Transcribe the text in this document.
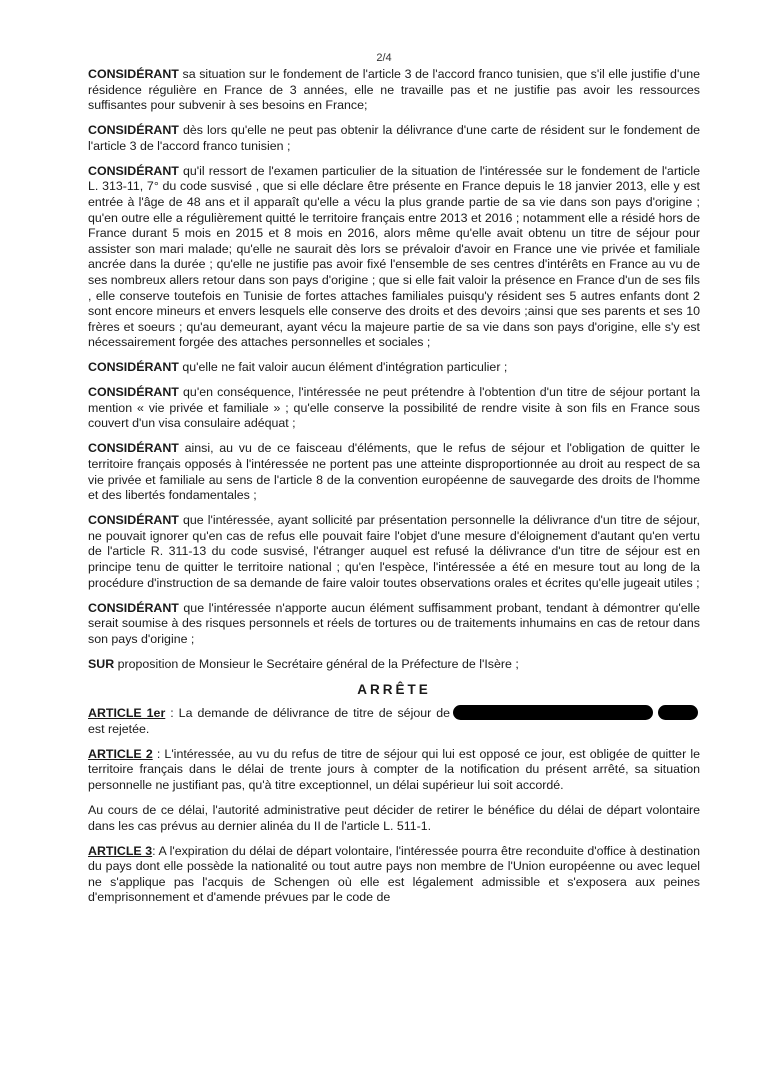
2/4

CONSIDÉRANT sa situation sur le fondement de l'article 3 de l'accord franco tunisien, que s'il elle justifie d'une résidence régulière en France de 3 années, elle ne travaille pas et ne justifie pas avoir les ressources suffisantes pour subvenir à ses besoins en France;

CONSIDÉRANT dès lors qu'elle ne peut pas obtenir la délivrance d'une carte de résident sur le fondement de l'article 3 de l'accord franco tunisien ;

CONSIDÉRANT qu'il ressort de l'examen particulier de la situation de l'intéressée sur le fondement de l'article L. 313-11, 7° du code susvisé , que si elle déclare être présente en France depuis le 18 janvier 2013, elle y est entrée à l'âge de 48 ans et il apparaît qu'elle a vécu la plus grande partie de sa vie dans son pays d'origine ; qu'en outre elle a régulièrement quitté le territoire français entre 2013 et 2016 ; notamment elle a résidé hors de France durant 5 mois en 2015 et 8 mois en 2016, alors même qu'elle avait obtenu un titre de séjour pour assister son mari malade; qu'elle ne saurait dès lors se prévaloir d'avoir en France une vie privée et familiale ancrée dans la durée ; qu'elle ne justifie pas avoir fixé l'ensemble de ses centres d'intérêts en France au vu de ses nombreux allers retour dans son pays d'origine ; que si elle fait valoir la présence en France d'un de ses fils , elle conserve toutefois en Tunisie de fortes attaches familiales puisqu'y résident ses 5 autres enfants dont 2 sont encore mineurs et envers lesquels elle conserve des droits et des devoirs ;ainsi que ses parents et ses 10 frères et soeurs ; qu'au demeurant, ayant vécu la majeure partie de sa vie dans son pays d'origine, elle s'y est nécessairement forgée des attaches personnelles et sociales ;

CONSIDÉRANT qu'elle ne fait valoir aucun élément d'intégration particulier ;

CONSIDÉRANT qu'en conséquence, l'intéressée ne peut prétendre à l'obtention d'un titre de séjour portant la mention « vie privée et familiale » ; qu'elle conserve la possibilité de rendre visite à son fils en France sous couvert d'un visa consulaire adéquat ;

CONSIDÉRANT ainsi, au vu de ce faisceau d'éléments, que le refus de séjour et l'obligation de quitter le territoire français opposés à l'intéressée ne portent pas une atteinte disproportionnée au droit au respect de sa vie privée et familiale au sens de l'article 8 de la convention européenne de sauvegarde des droits de l'homme et des libertés fondamentales ;

CONSIDÉRANT que l'intéressée, ayant sollicité par présentation personnelle la délivrance d'un titre de séjour, ne pouvait ignorer qu'en cas de refus elle pouvait faire l'objet d'une mesure d'éloignement d'autant qu'en vertu de l'article R. 311-13 du code susvisé, l'étranger auquel est refusé la délivrance d'un titre de séjour est en principe tenu de quitter le territoire national ; qu'en l'espèce, l'intéressée a été en mesure tout au long de la procédure d'instruction de sa demande de faire valoir toutes observations orales et écrites qu'elle jugeait utiles ;

CONSIDÉRANT que l'intéressée n'apporte aucun élément suffisamment probant, tendant à démontrer qu'elle serait soumise à des risques personnels et réels de tortures ou de traitements inhumains en cas de retour dans son pays d'origine ;

SUR proposition de Monsieur le Secrétaire général de la Préfecture de l'Isère ;

ARRÊTE

ARTICLE 1er : La demande de délivrance de titre de séjour de  est rejetée.

ARTICLE 2 : L'intéressée, au vu du refus de titre de séjour qui lui est opposé ce jour, est obligée de quitter le territoire français dans le délai de trente jours à compter de la notification du présent arrêté, sa situation personnelle ne justifiant pas, qu'à titre exceptionnel, un délai supérieur lui soit accordé.

Au cours de ce délai, l'autorité administrative peut décider de retirer le bénéfice du délai de départ volontaire dans les cas prévus au dernier alinéa du II de l'article L. 511-1.

ARTICLE 3: A l'expiration du délai de départ volontaire, l'intéressée pourra être reconduite d'office à destination du pays dont elle possède la nationalité ou tout autre pays non membre de l'Union européenne ou avec lequel ne s'applique pas l'acquis de Schengen où elle est légalement admissible et s'exposera aux peines d'emprisonnement et d'amende prévues par le code de
